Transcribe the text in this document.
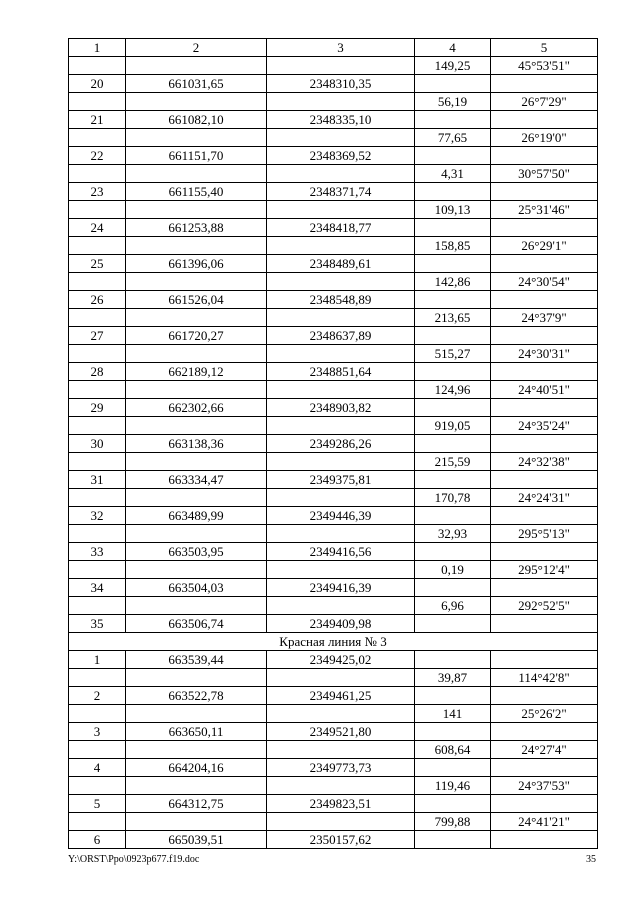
1	2	3	4	5
			149,25	45°53'51"
20	661031,65	2348310,35		
			56,19	26°7'29"
21	661082,10	2348335,10		
			77,65	26°19'0"
22	661151,70	2348369,52		
			4,31	30°57'50"
23	661155,40	2348371,74		
			109,13	25°31'46"
24	661253,88	2348418,77		
			158,85	26°29'1"
25	661396,06	2348489,61		
			142,86	24°30'54"
26	661526,04	2348548,89		
			213,65	24°37'9"
27	661720,27	2348637,89		
			515,27	24°30'31"
28	662189,12	2348851,64		
			124,96	24°40'51"
29	662302,66	2348903,82		
			919,05	24°35'24"
30	663138,36	2349286,26		
			215,59	24°32'38"
31	663334,47	2349375,81		
			170,78	24°24'31"
32	663489,99	2349446,39		
			32,93	295°5'13"
33	663503,95	2349416,56		
			0,19	295°12'4"
34	663504,03	2349416,39		
			6,96	292°52'5"
35	663506,74	2349409,98		
Красная линия № 3				
1	663539,44	2349425,02		
			39,87	114°42'8"
2	663522,78	2349461,25		
			141	25°26'2"
3	663650,11	2349521,80		
			608,64	24°27'4"
4	664204,16	2349773,73		
			119,46	24°37'53"
5	664312,75	2349823,51		
			799,88	24°41'21"
6	665039,51	2350157,62		
Y:\ORST\Ppo\0923p677.f19.doc	35
